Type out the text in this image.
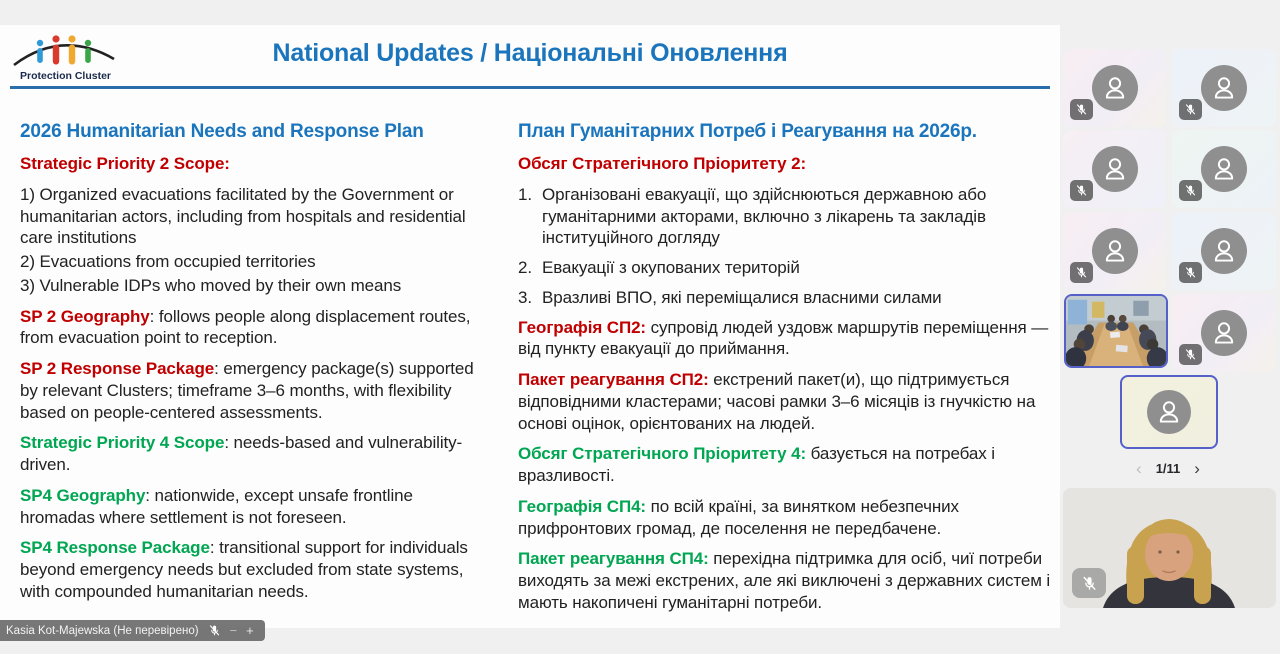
Protection Cluster
National Updates / Національні Оновлення
2026 Humanitarian Needs and Response Plan

Strategic Priority 2 Scope:

1) Organized evacuations facilitated by the Government or humanitarian actors, including from hospitals and residential care institutions

2) Evacuations from occupied territories

3) Vulnerable IDPs who moved by their own means

SP 2 Geography: follows people along displacement routes, from evacuation point to reception.

SP 2 Response Package: emergency package(s) supported by relevant Clusters; timeframe 3–6 months, with flexibility based on people-centered assessments.

Strategic Priority 4 Scope: needs-based and vulnerability-driven.

SP4 Geography: nationwide, except unsafe frontline hromadas where settlement is not foreseen.

SP4 Response Package: transitional support for individuals beyond emergency needs but excluded from state systems, with compounded humanitarian needs.

План Гуманітарних Потреб і Реагування на 2026р.

Обсяг Стратегічного Пріоритету 2:

1. Організовані евакуації, що здійснюються державною або гуманітарними акторами, включно з лікарень та закладів інституційного догляду
2. Евакуації з окупованих територій
3. Вразливі ВПО, які переміщалися власними силами

Географія СП2: супровід людей уздовж маршрутів переміщення — від пункту евакуації до приймання.

Пакет реагування СП2: екстрений пакет(и), що підтримується відповідними кластерами; часові рамки 3–6 місяців із гнучкістю на основі оцінок, орієнтованих на людей.

Обсяг Стратегічного Пріоритету 4: базується на потребах і вразливості.

Географія СП4: по всій країні, за винятком небезпечних прифронтових громад, де поселення не передбачене.

Пакет реагування СП4: перехідна підтримка для осіб, чиї потреби виходять за межі екстрених, але які виключені з державних систем і мають накопичені гуманітарні потреби.

Kasia Kot-Majewska (Не перевірено) − +
‹ 1/11 ›
